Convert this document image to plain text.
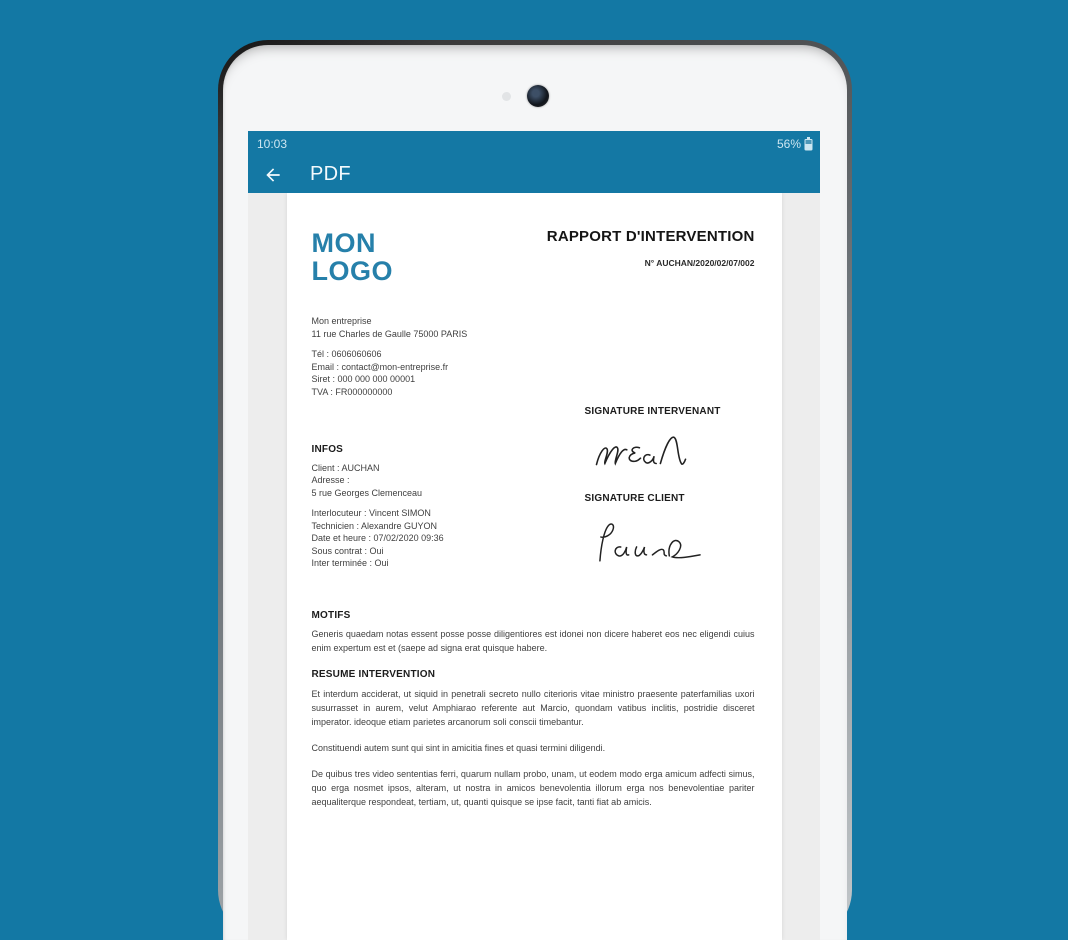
10:03	56%
PDF
MON
LOGO
RAPPORT D'INTERVENTION
N° AUCHAN/2020/02/07/002
Mon entreprise
11 rue Charles de Gaulle 75000 PARIS
Tél : 0606060606
Email : contact@mon-entreprise.fr
Siret : 000 000 000 00001
TVA : FR000000000
INFOS
Client : AUCHAN
Adresse :
5 rue Georges Clemenceau
Interlocuteur : Vincent SIMON
Technicien : Alexandre GUYON
Date et heure : 07/02/2020 09:36
Sous contrat : Oui
Inter terminée : Oui
SIGNATURE INTERVENANT
SIGNATURE CLIENT
MOTIFS

Generis quaedam notas essent posse posse diligentiores est idonei non dicere haberet eos nec eligendi cuius enim expertum est et (saepe ad signa erat quisque habere.

RESUME INTERVENTION

Et interdum acciderat, ut siquid in penetrali secreto nullo citerioris vitae ministro praesente paterfamilias uxori susurrasset in aurem, velut Amphiarao referente aut Marcio, quondam vatibus inclitis, postridie disceret imperator. ideoque etiam parietes arcanorum soli conscii timebantur.

Constituendi autem sunt qui sint in amicitia fines et quasi termini diligendi.

De quibus tres video sententias ferri, quarum nullam probo, unam, ut eodem modo erga amicum adfecti simus, quo erga nosmet ipsos, alteram, ut nostra in amicos benevolentia illorum erga nos benevolentiae pariter aequaliterque respondeat, tertiam, ut, quanti quisque se ipse facit, tanti fiat ab amicis.
